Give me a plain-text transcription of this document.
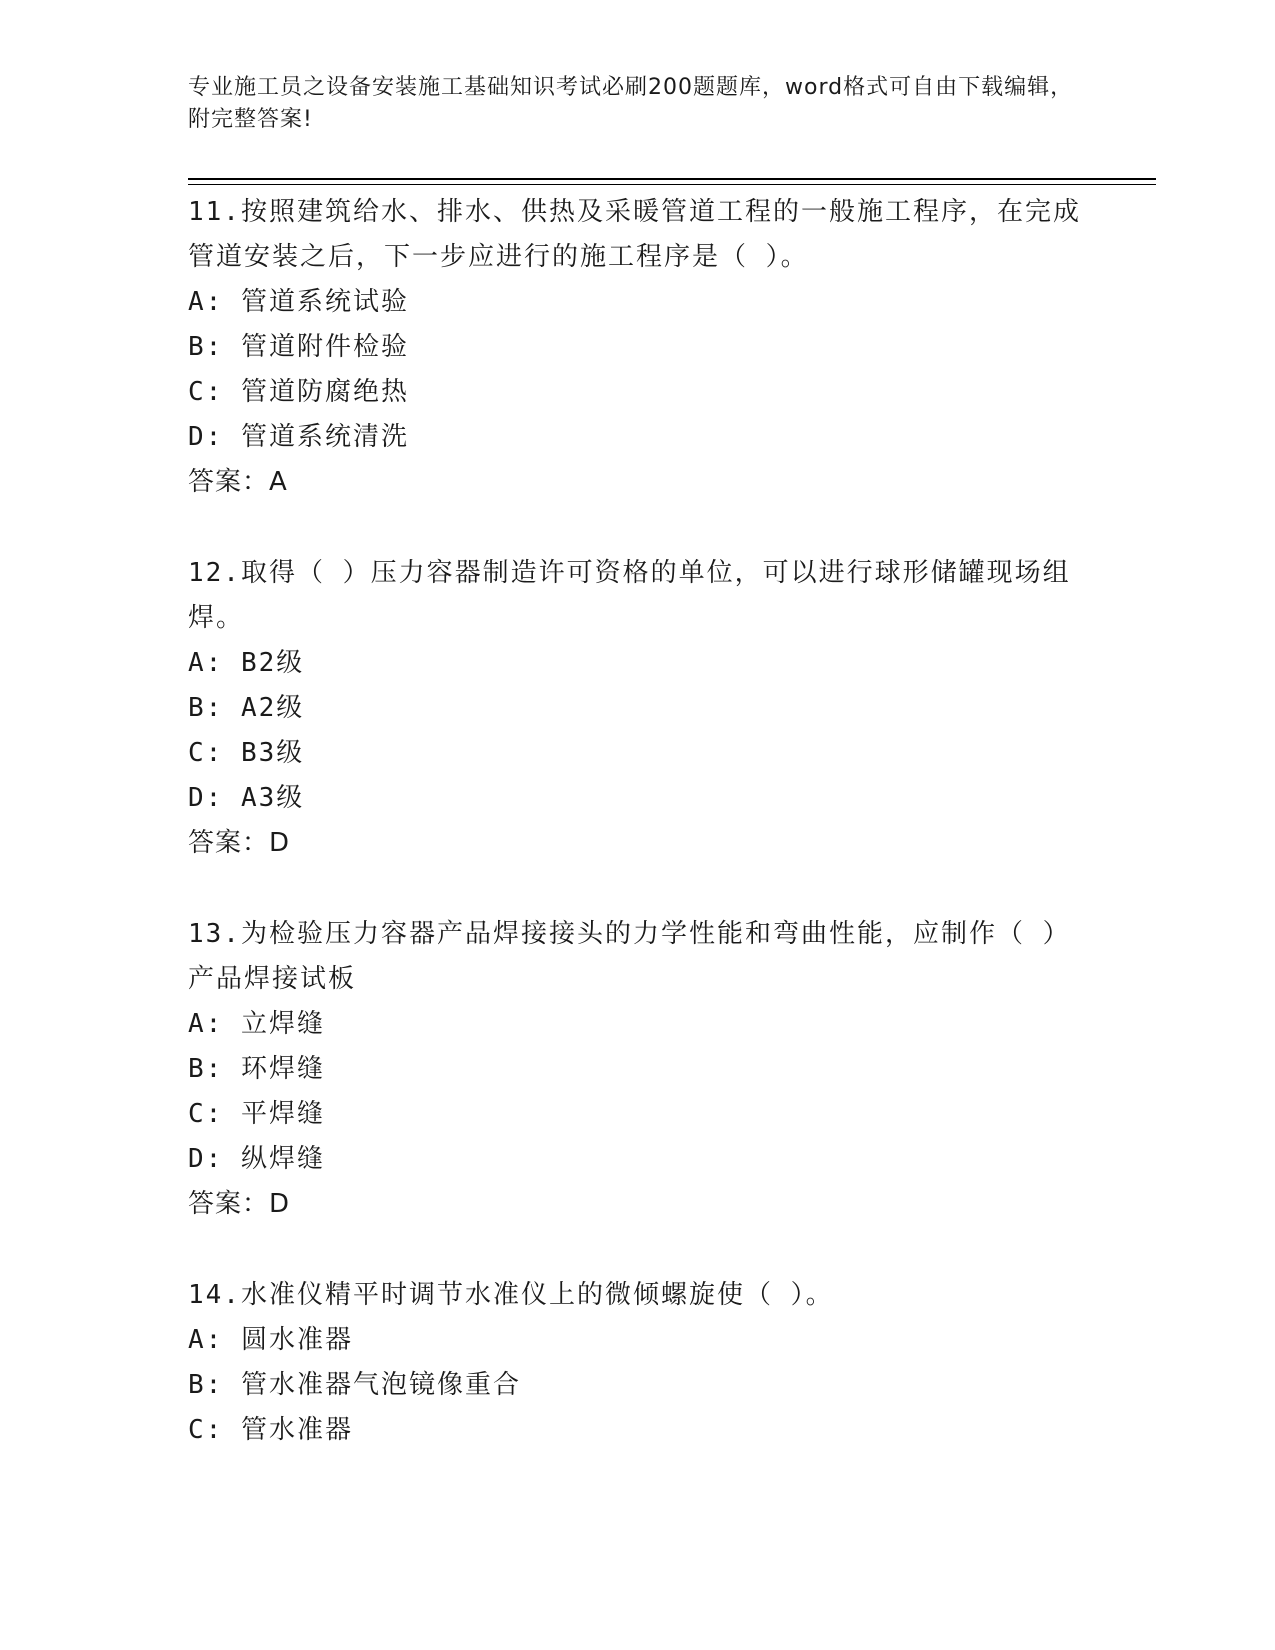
专业施工员之设备安装施工基础知识考试必刷200题题库，word格式可自由下载编辑，附完整答案!
11.按照建筑给水、排水、供热及采暖管道工程的一般施工程序，在完成管道安装之后，下一步应进行的施工程序是（ ）。
A: 管道系统试验
B: 管道附件检验
C: 管道防腐绝热
D: 管道系统清洗
答案：A
12.取得（ ）压力容器制造许可资格的单位，可以进行球形储罐现场组焊。
A: B2级
B: A2级
C: B3级
D: A3级
答案：D
13.为检验压力容器产品焊接接头的力学性能和弯曲性能，应制作（ ）产品焊接试板
A: 立焊缝
B: 环焊缝
C: 平焊缝
D: 纵焊缝
答案：D
14.水准仪精平时调节水准仪上的微倾螺旋使（ ）。
A: 圆水准器
B: 管水准器气泡镜像重合
C: 管水准器
